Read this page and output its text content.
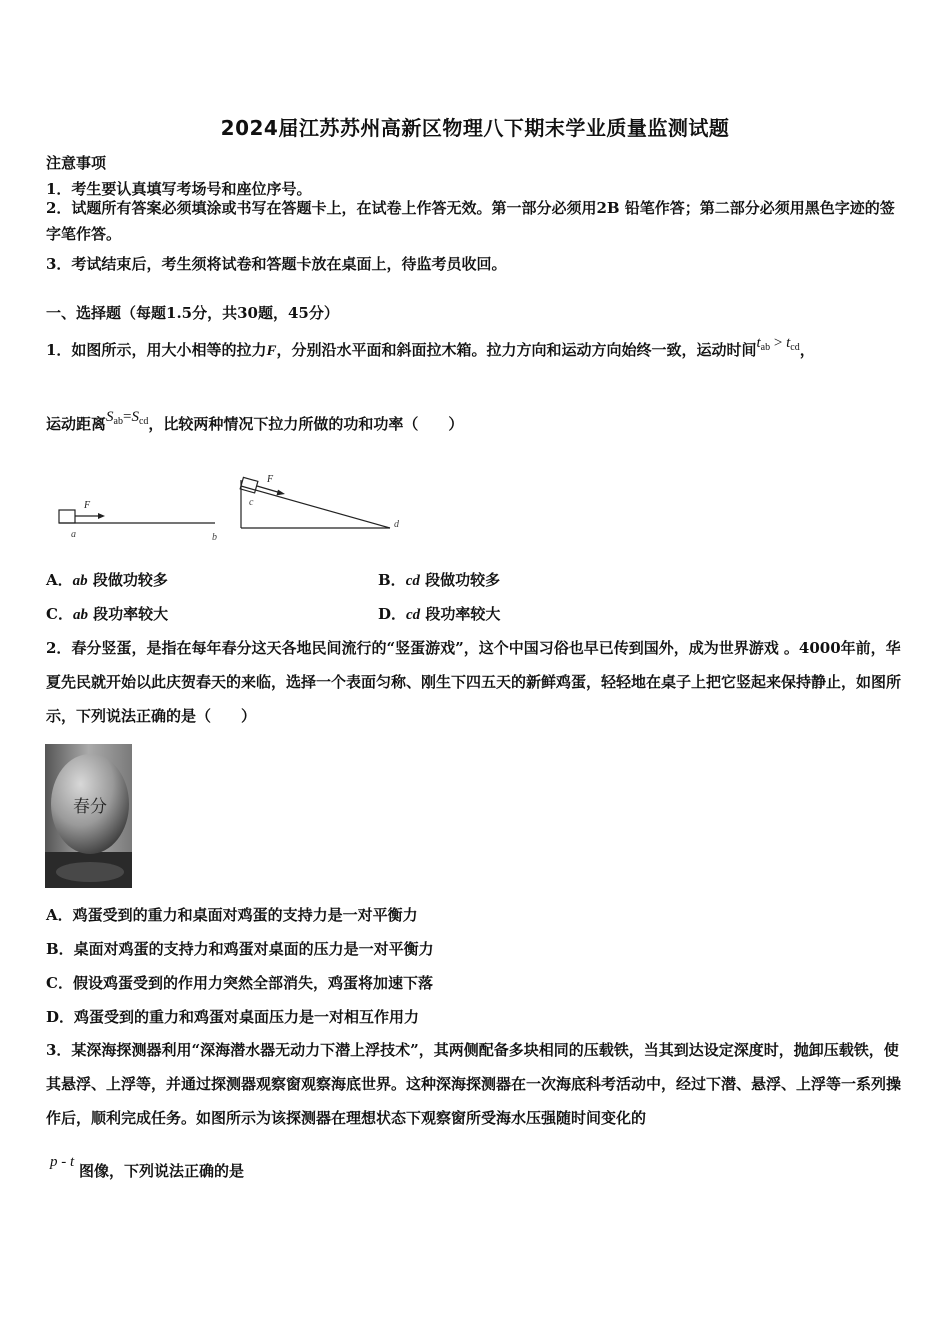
2024届江苏苏州高新区物理八下期末学业质量监测试题
注意事项
1．考生要认真填写考场号和座位序号。
2．试题所有答案必须填涂或书写在答题卡上，在试卷上作答无效。第一部分必须用2B 铅笔作答；第二部分必须用黑色字迹的签字笔作答。
3．考试结束后，考生须将试卷和答题卡放在桌面上，待监考员收回。
一、选择题（每题1.5分，共30题，45分）
1．如图所示，用大小相等的拉力F，分别沿水平面和斜面拉木箱。拉力方向和运动方向始终一致，运动时间$t_{ab} > t_{cd}$，
运动距离$S_{ab}=S_{cd}$，比较两种情况下拉力所做的功和功率（　　）
F
a	b
F
c
d
A．ab 段做功较多	B．cd 段做功较多
C．ab 段功率较大	D．cd 段功率较大
2．春分竖蛋，是指在每年春分这天各地民间流行的“竖蛋游戏”，这个中国习俗也早已传到国外，成为世界游戏 。4000年前，华夏先民就开始以此庆贺春天的来临，选择一个表面匀称、刚生下四五天的新鲜鸡蛋，轻轻地在桌子上把它竖起来保持静止，如图所示，下列说法正确的是（　　）
春分
A．鸡蛋受到的重力和桌面对鸡蛋的支持力是一对平衡力
B．桌面对鸡蛋的支持力和鸡蛋对桌面的压力是一对平衡力
C．假设鸡蛋受到的作用力突然全部消失，鸡蛋将加速下落
D．鸡蛋受到的重力和鸡蛋对桌面压力是一对相互作用力
3．某深海探测器利用“深海潜水器无动力下潜上浮技术”，其两侧配备多块相同的压载铁，当其到达设定深度时，抛卸压载铁，使其悬浮、上浮等，并通过探测器观察窗观察海底世界。这种深海探测器在一次海底科考活动中，经过下潜、悬浮、上浮等一系列操作后，顺利完成任务。如图所示为该探测器在理想状态下观察窗所受海水压强随时间变化的
p - t 图像，下列说法正确的是
